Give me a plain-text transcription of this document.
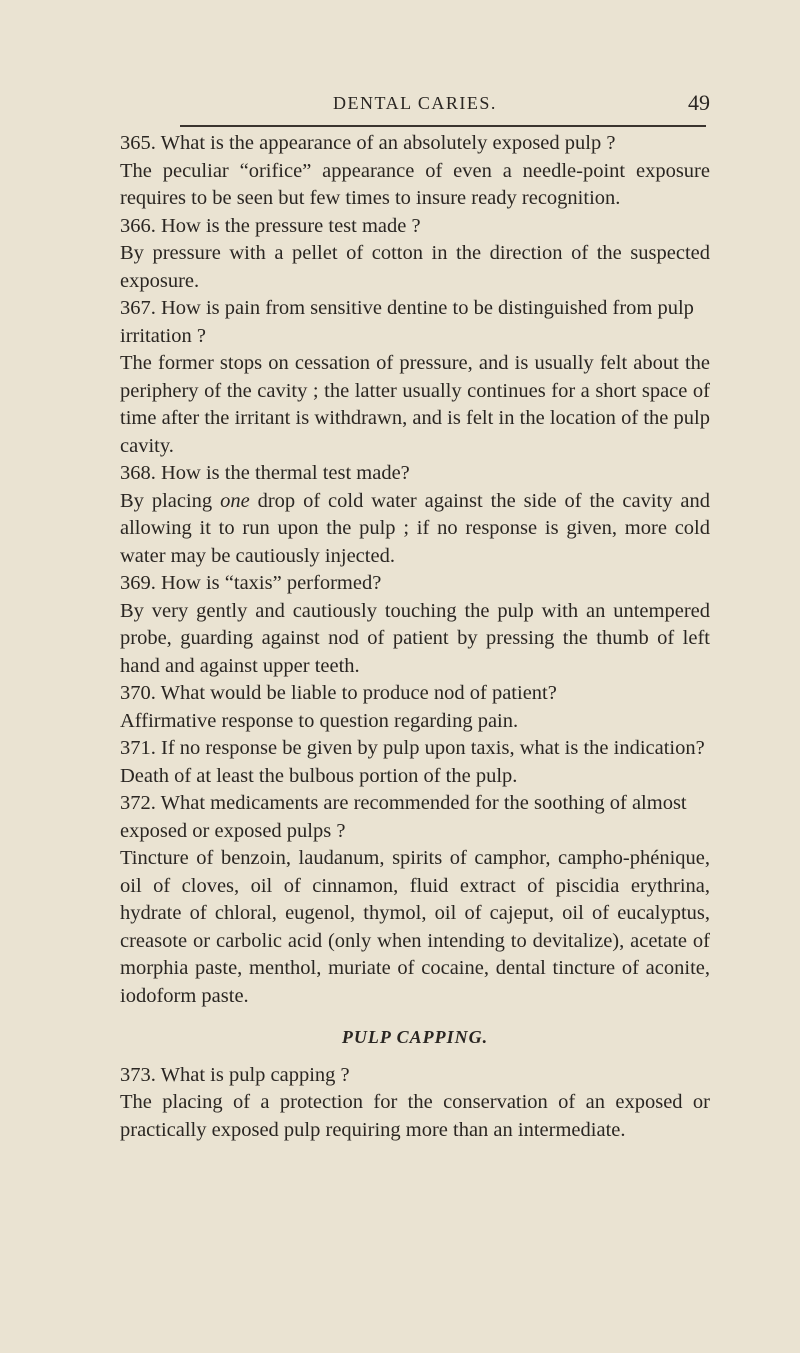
DENTAL CARIES.	49

365. What is the appearance of an absolutely exposed pulp ?

The peculiar “orifice” appearance of even a needle-point exposure requires to be seen but few times to insure ready recognition.

366. How is the pressure test made ?

By pressure with a pellet of cotton in the direction of the suspected exposure.

367. How is pain from sensitive dentine to be distinguished from pulp irritation ?

The former stops on cessation of pressure, and is usually felt about the periphery of the cavity ; the latter usually continues for a short space of time after the irritant is withdrawn, and is felt in the location of the pulp cavity.

368. How is the thermal test made?

By placing one drop of cold water against the side of the cavity and allowing it to run upon the pulp ; if no response is given, more cold water may be cautiously injected.

369. How is “taxis” performed?

By very gently and cautiously touching the pulp with an untempered probe, guarding against nod of patient by pressing the thumb of left hand and against upper teeth.

370. What would be liable to produce nod of patient?

Affirmative response to question regarding pain.

371. If no response be given by pulp upon taxis, what is the indication?

Death of at least the bulbous portion of the pulp.

372. What medicaments are recommended for the soothing of almost exposed or exposed pulps ?

Tincture of benzoin, laudanum, spirits of camphor, campho-phénique, oil of cloves, oil of cinnamon, fluid extract of piscidia erythrina, hydrate of chloral, eugenol, thymol, oil of cajeput, oil of eucalyptus, creasote or carbolic acid (only when intending to devitalize), acetate of morphia paste, menthol, muriate of cocaine, dental tincture of aconite, iodoform paste.

PULP CAPPING.

373. What is pulp capping ?

The placing of a protection for the conservation of an exposed or practically exposed pulp requiring more than an intermediate.
